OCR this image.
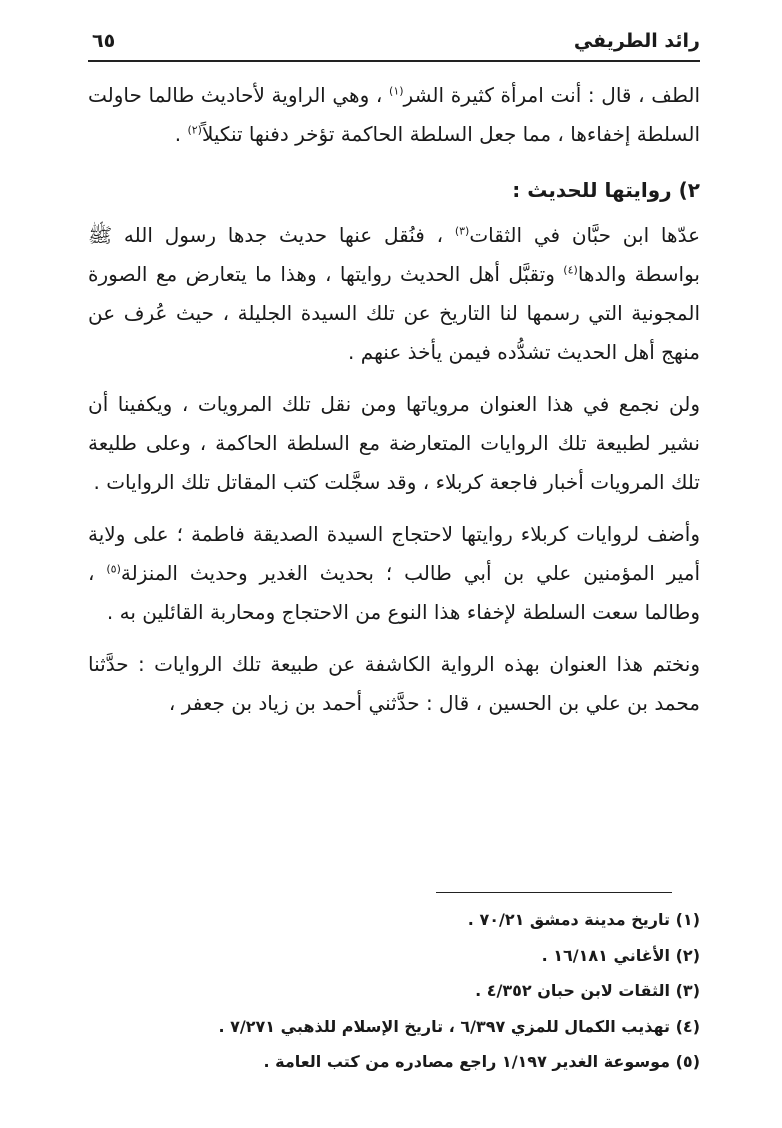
رائد الطريفي
٦٥

الطف ، قال : أنت امرأة كثيرة الشر$^{(١)}$ ، وهي الراوية لأحاديث طالما حاولت السلطة إخفاءها ، مما جعل السلطة الحاكمة تؤخر دفنها تنكيلاً$^{(٢)}$ .

٢) روايتها للحديث :

عدّها ابن حبَّان في الثقات$^{(٣)}$ ، فنُقل عنها حديث جدها رسول الله ﷺ بواسطة والدها$^{(٤)}$ وتقبَّل أهل الحديث روايتها ، وهذا ما يتعارض مع الصورة المجونية التي رسمها لنا التاريخ عن تلك السيدة الجليلة ، حيث عُرف عن منهج أهل الحديث تشدُّده فيمن يأخذ عنهم .

ولن نجمع في هذا العنوان مروياتها ومن نقل تلك المرويات ، ويكفينا أن نشير لطبيعة تلك الروايات المتعارضة مع السلطة الحاكمة ، وعلى طليعة تلك المرويات أخبار فاجعة كربلاء ، وقد سجَّلت كتب المقاتل تلك الروايات .

وأضف لروايات كربلاء روايتها لاحتجاج السيدة الصديقة فاطمة ؛ على ولاية أمير المؤمنين علي بن أبي طالب ؛ بحديث الغدير وحديث المنزلة$^{(٥)}$ ، وطالما سعت السلطة لإخفاء هذا النوع من الاحتجاج ومحاربة القائلين به .

ونختم هذا العنوان بهذه الرواية الكاشفة عن طبيعة تلك الروايات : حدَّثنا محمد بن علي بن الحسين ، قال : حدَّثني أحمد بن زياد بن جعفر ،

(١) تاريخ مدينة دمشق ٧٠/٢١ .

(٢) الأغاني ١٦/١٨١ .

(٣) الثقات لابن حبان ٤/٣٥٢ .

(٤) تهذيب الكمال للمزي ٦/٣٩٧ ، تاريخ الإسلام للذهبي ٧/٢٧١ .

(٥) موسوعة الغدير ١/١٩٧ راجع مصادره من كتب العامة .
